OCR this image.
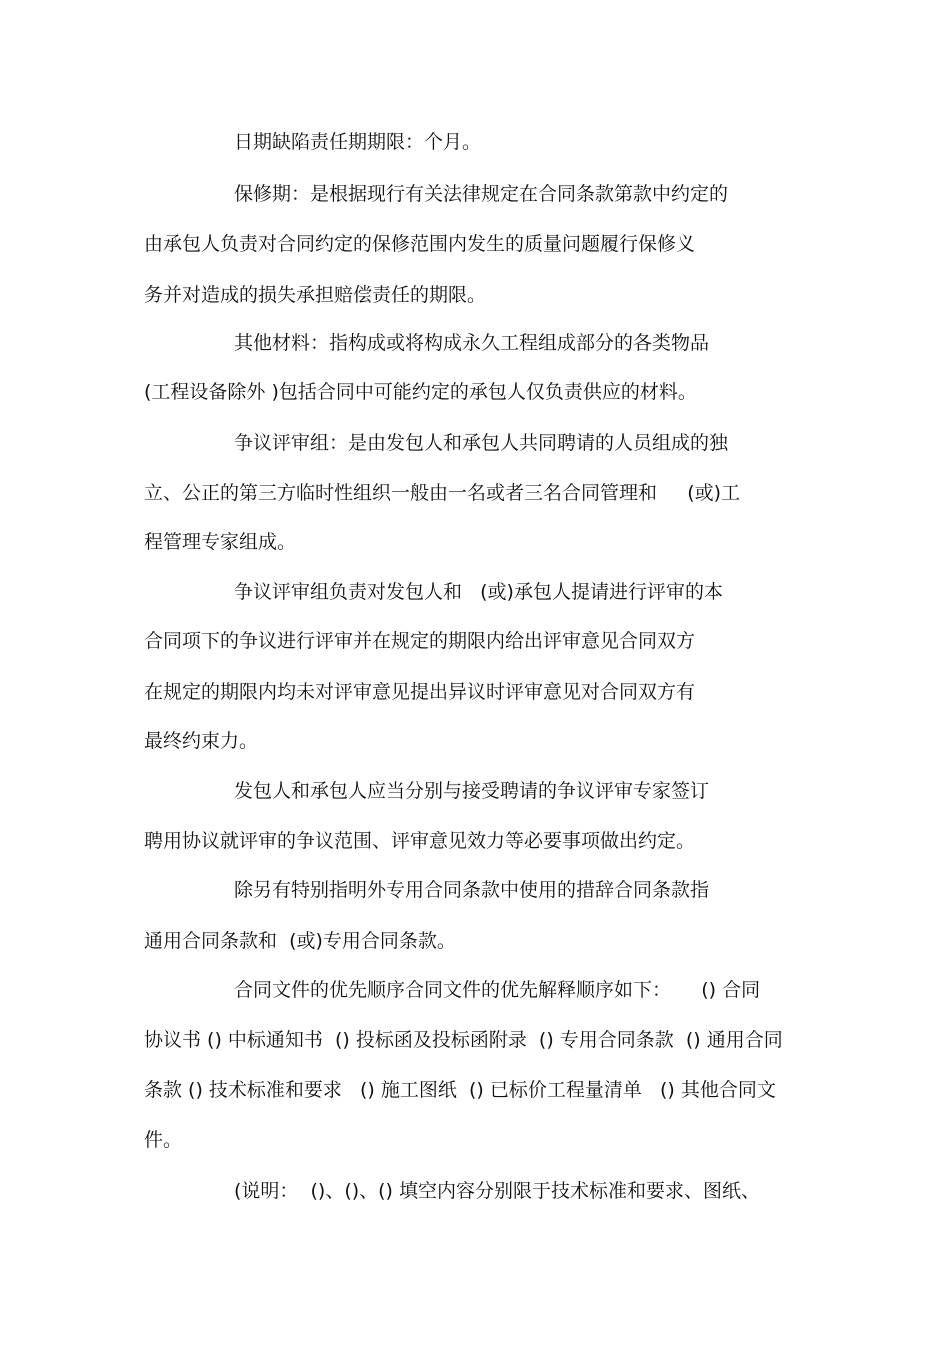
日期缺陷责任期期限：个月。
保修期：是根据现行有关法律规定在合同条款第款中约定的
由承包人负责对合同约定的保修范围内发生的质量问题履行保修义
务并对造成的损失承担赔偿责任的期限。
其他材料：指构成或将构成永久工程组成部分的各类物品
(工程设备除外 )包括合同中可能约定的承包人仅负责供应的材料。
争议评审组：是由发包人和承包人共同聘请的人员组成的独
立、公正的第三方临时性组织一般由一名或者三名合同管理和     (或)工
程管理专家组成。
争议评审组负责对发包人和   (或)承包人提请进行评审的本
合同项下的争议进行评审并在规定的期限内给出评审意见合同双方
在规定的期限内均未对评审意见提出异议时评审意见对合同双方有
最终约束力。
发包人和承包人应当分别与接受聘请的争议评审专家签订
聘用协议就评审的争议范围、评审意见效力等必要事项做出约定。
除另有特别指明外专用合同条款中使用的措辞合同条款指
通用合同条款和  (或)专用合同条款。
合同文件的优先顺序合同文件的优先解释顺序如下：     () 合同
协议书 () 中标通知书  () 投标函及投标函附录  () 专用合同条款  () 通用合同
条款 () 技术标准和要求   () 施工图纸  () 已标价工程量清单   () 其他合同文
件。
(说明：  ()、()、() 填空内容分别限于技术标准和要求、图纸、
